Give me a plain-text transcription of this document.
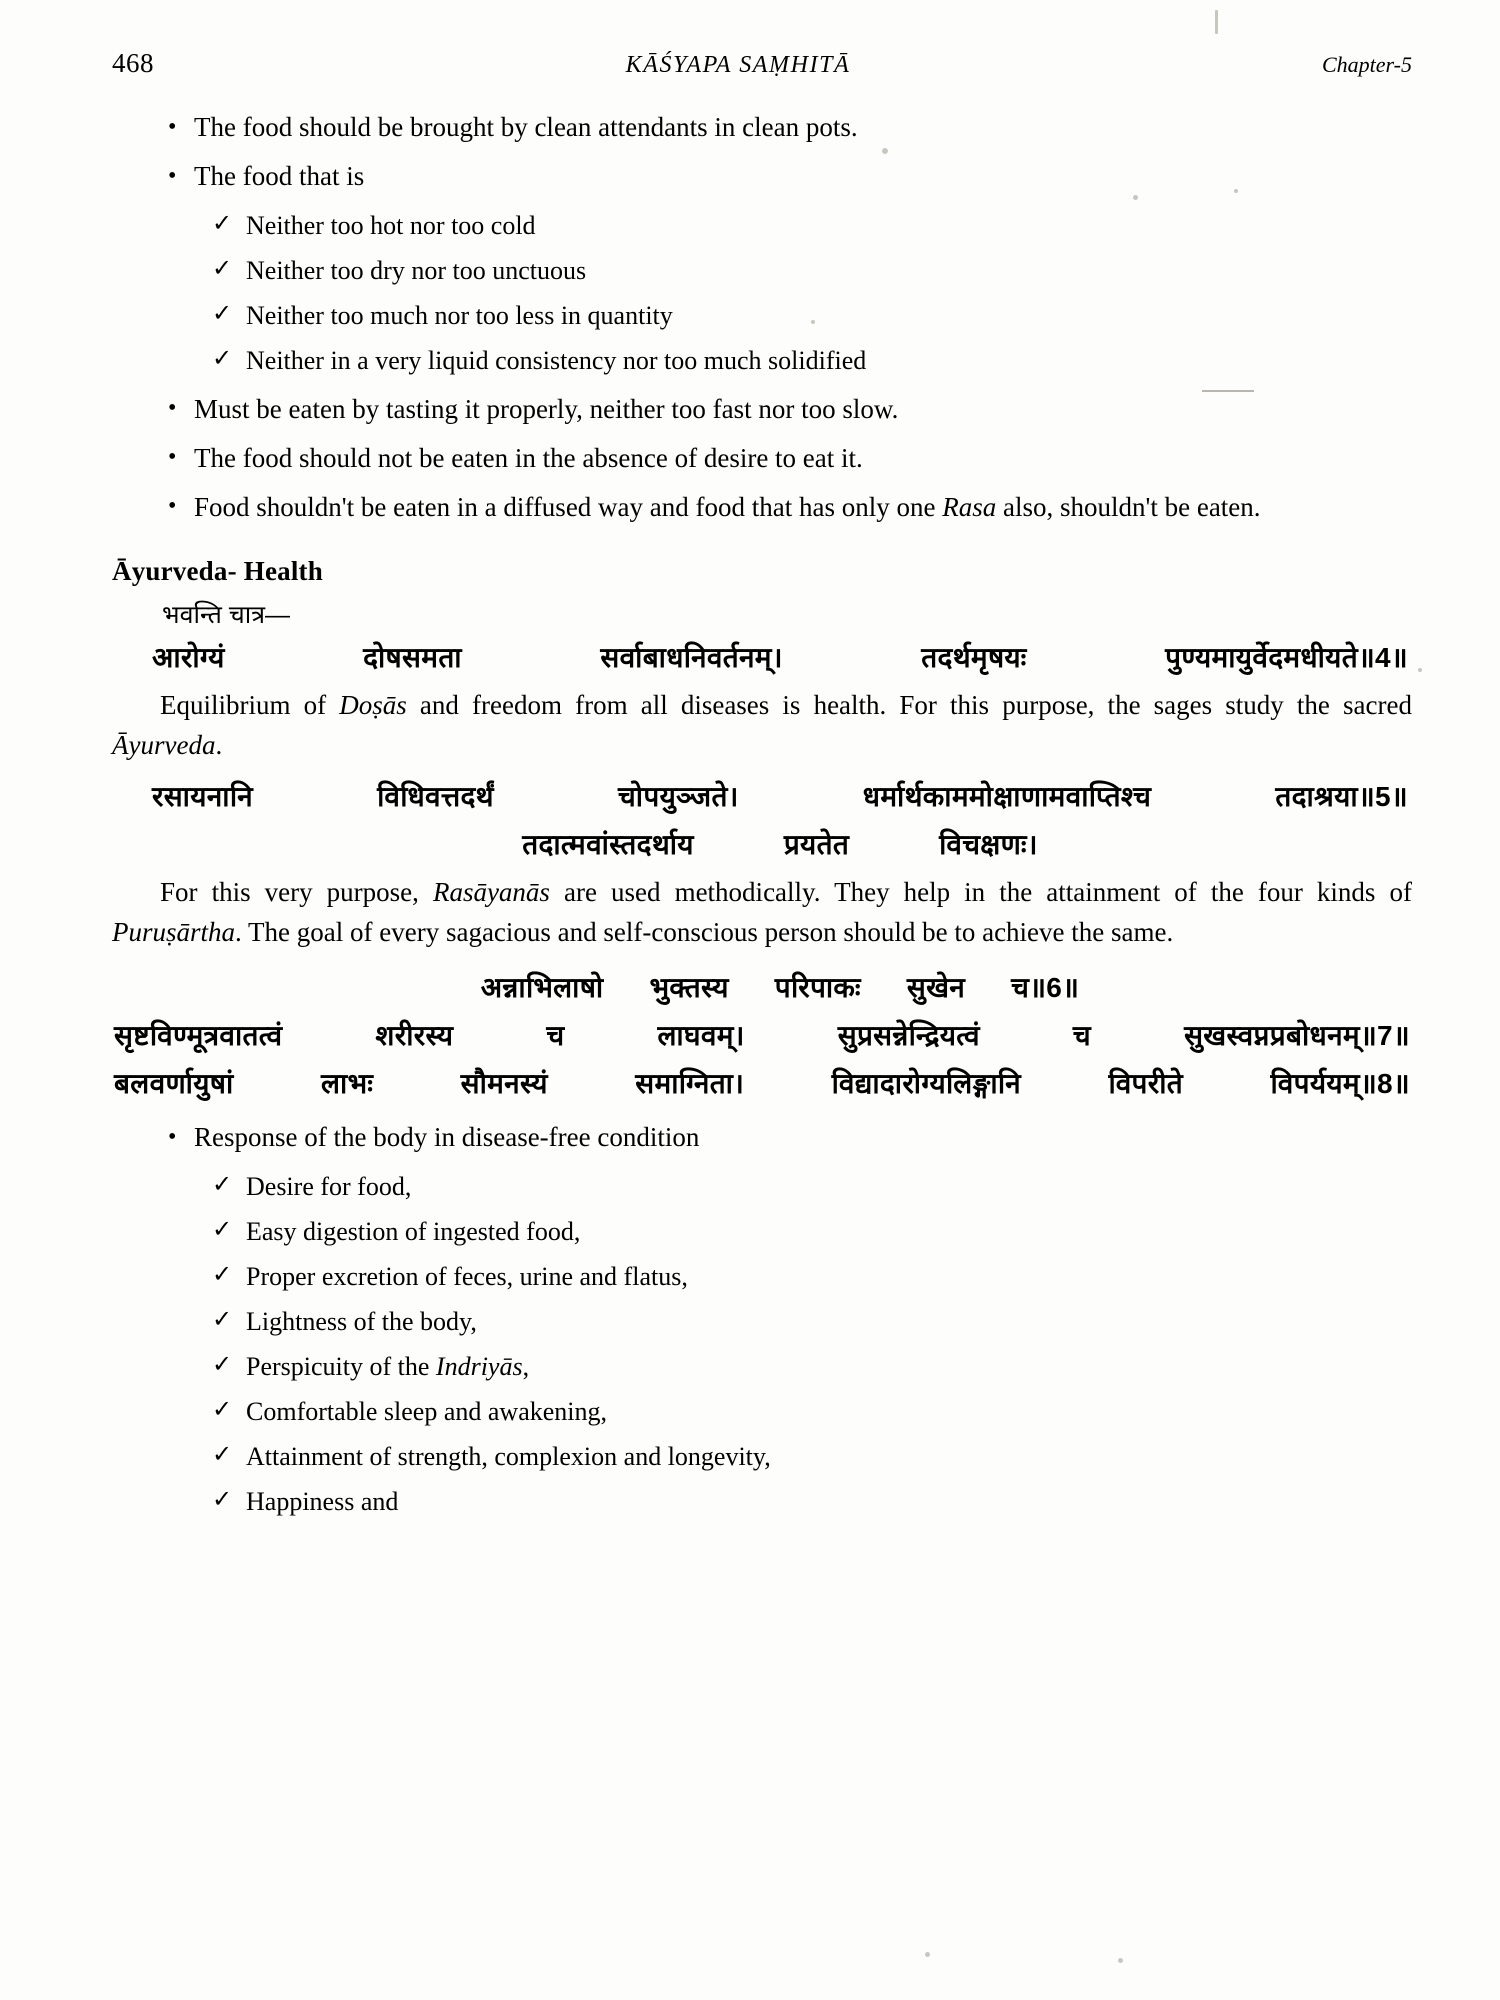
468	KĀŚYAPA SAṂHITĀ	Chapter-5
• The food should be brought by clean attendants in clean pots.
• The food that is
✓ Neither too hot nor too cold
✓ Neither too dry nor too unctuous
✓ Neither too much nor too less in quantity
✓ Neither in a very liquid consistency nor too much solidified
• Must be eaten by tasting it properly, neither too fast nor too slow.
• The food should not be eaten in the absence of desire to eat it.
• Food shouldn't be eaten in a diffused way and food that has only one Rasa also, shouldn't be eaten.
Āyurveda- Health
भवन्ति चात्र—
आरोग्यं	दोषसमता	सर्वाबाधनिवर्तनम्।	तदर्थमृषयः	पुण्यमायुर्वेदमधीयते॥4॥
Equilibrium of Doṣās and freedom from all diseases is health. For this purpose, the sages study the sacred Āyurveda.
रसायनानि	विधिवत्तदर्थं	चोपयुञ्जते।	धर्मार्थकाममोक्षाणामवाप्तिश्च	तदाश्रया॥5॥
तदात्मवांस्तदर्थाय	प्रयतेत	विचक्षणः।
For this very purpose, Rasāyanās are used methodically. They help in the attainment of the four kinds of Puruṣārtha. The goal of every sagacious and self-conscious person should be to achieve the same.
अन्नाभिलाषो भुक्तस्य परिपाकः सुखेन च॥6॥
सृष्टविण्मूत्रवातत्वं	शरीरस्य	च	लाघवम्।	सुप्रसन्नेन्द्रियत्वं	च	सुखस्वप्नप्रबोधनम्॥7॥
बलवर्णायुषां	लाभः	सौमनस्यं	समाग्निता।	विद्यादारोग्यलिङ्गानि	विपरीते	विपर्ययम्॥8॥
• Response of the body in disease-free condition
✓ Desire for food,
✓ Easy digestion of ingested food,
✓ Proper excretion of feces, urine and flatus,
✓ Lightness of the body,
✓ Perspicuity of the Indriyās,
✓ Comfortable sleep and awakening,
✓ Attainment of strength, complexion and longevity,
✓ Happiness and
